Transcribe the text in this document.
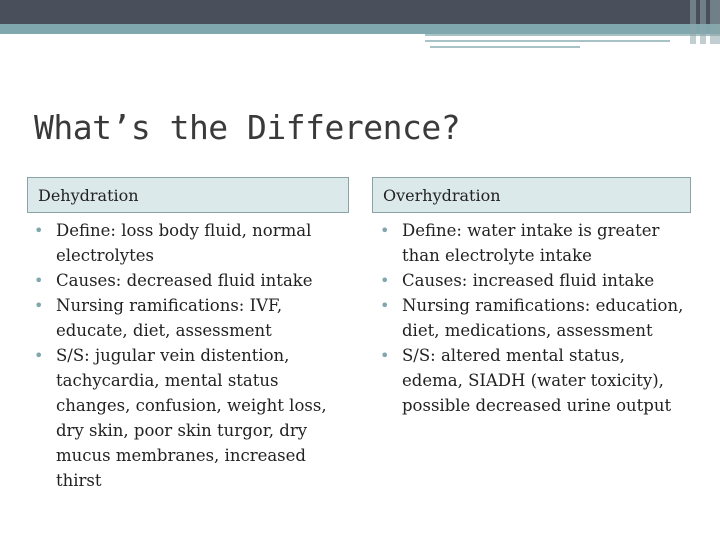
What’s the Difference?
Dehydration	Overhydration
• Define: loss body fluid, normal electrolytes
• Causes: decreased fluid intake
• Nursing ramifications: IVF, educate, diet, assessment
• S/S: jugular vein distention, tachycardia, mental status changes, confusion, weight loss, dry skin, poor skin turgor, dry mucus membranes, increased thirst
• Define: water intake is greater than electrolyte intake
• Causes: increased fluid intake
• Nursing ramifications: education, diet, medications, assessment
• S/S: altered mental status, edema, SIADH (water toxicity), possible decreased urine output
